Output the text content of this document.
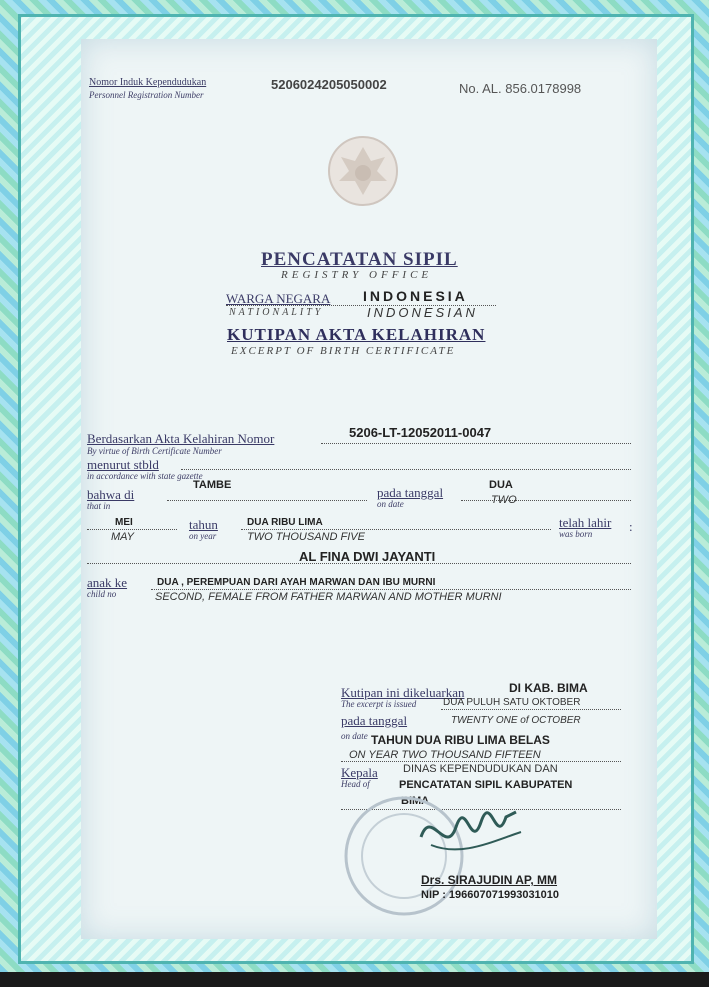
Nomor Induk Kependudukan
Personnel Registration Number
5206024205050002	No. AL. 856.0178998
PENCATATAN SIPIL
REGISTRY OFFICE
WARGA NEGARA INDONESIA
NATIONALITY	INDONESIAN
KUTIPAN AKTA KELAHIRAN
EXCERPT OF BIRTH CERTIFICATE
Berdasarkan Akta Kelahiran Nomor
By virtue of Birth Certificate Number
5206-LT-12052011-0047
menurut stbld
in accordance with state gazette
bahwa di
that in
TAMBE	pada tanggal
on date
DUA
TWO
MEI
MAY
tahun
on year
DUA RIBU LIMA
TWO THOUSAND FIVE
telah lahir
was born	:
AL FINA DWI JAYANTI
anak ke
child no
DUA , PEREMPUAN DARI AYAH MARWAN DAN IBU MURNI
SECOND, FEMALE FROM FATHER MARWAN AND MOTHER MURNI
Kutipan ini dikeluarkan	DI KAB. BIMA
The excerpt is issued	DUA PULUH SATU OKTOBER
pada tanggal	TWENTY ONE of OCTOBER
on date TAHUN DUA RIBU LIMA BELAS
ON YEAR TWO THOUSAND FIFTEEN
Kepala
Head of
DINAS KEPENDUDUKAN DAN
PENCATATAN SIPIL KABUPATEN
BIMA
Drs. SIRAJUDIN AP, MM
NIP : 196607071993031010
